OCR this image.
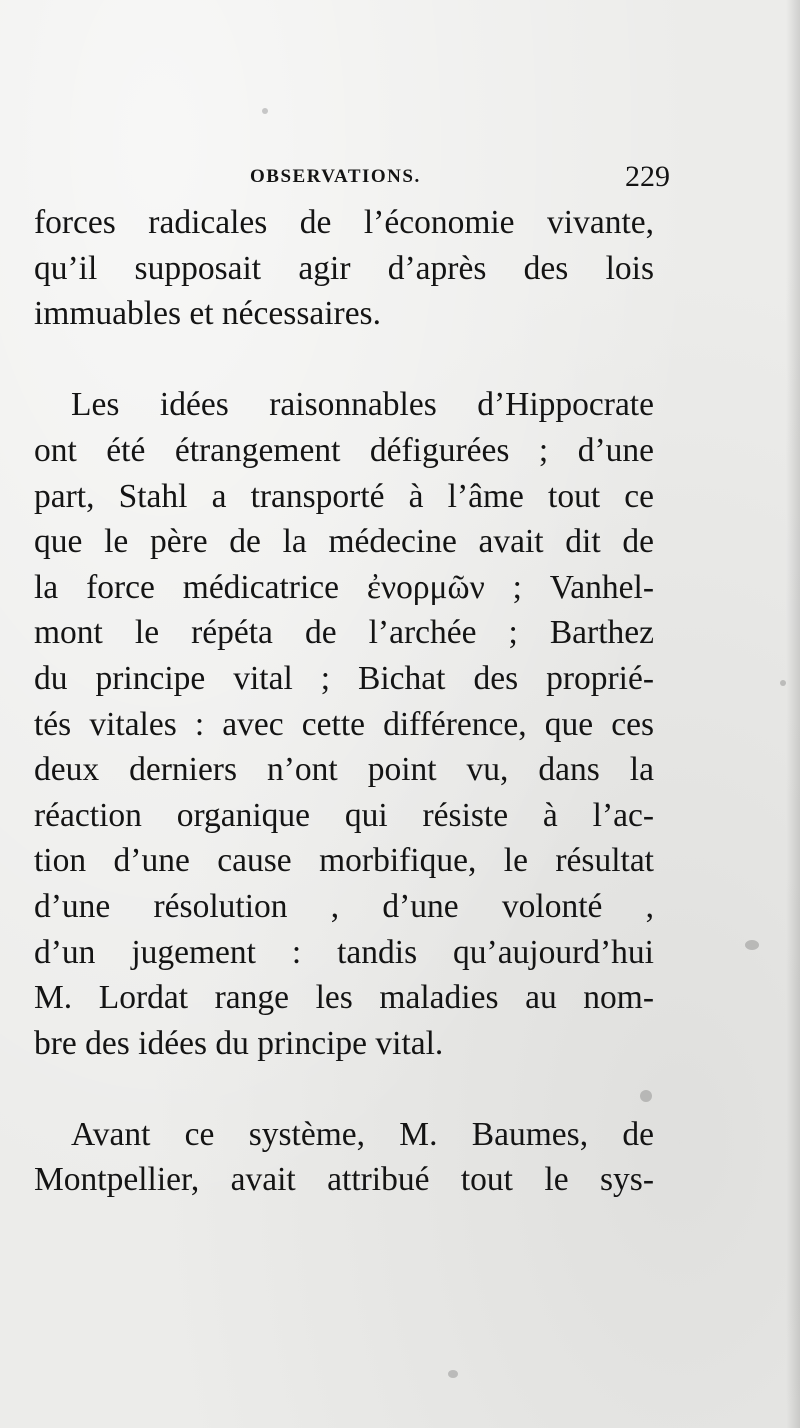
OBSERVATIONS.	229
forces radicales de l’économie vivante,
qu’il supposait agir d’après des lois
immuables et nécessaires.
Les idées raisonnables d’Hippocrate
ont été étrangement défigurées ; d’une
part, Stahl a transporté à l’âme tout ce
que le père de la médecine avait dit de
la force médicatrice ἐνορμῶν ; Vanhel-
mont le répéta de l’archée ; Barthez
du principe vital ; Bichat des proprié-
tés vitales : avec cette différence, que ces
deux derniers n’ont point vu, dans la
réaction organique qui résiste à l’ac-
tion d’une cause morbifique, le résultat
d’une résolution , d’une volonté ,
d’un jugement : tandis qu’aujourd’hui
M. Lordat range les maladies au nom-
bre des idées du principe vital.
Avant ce système, M. Baumes, de
Montpellier, avait attribué tout le sys-
